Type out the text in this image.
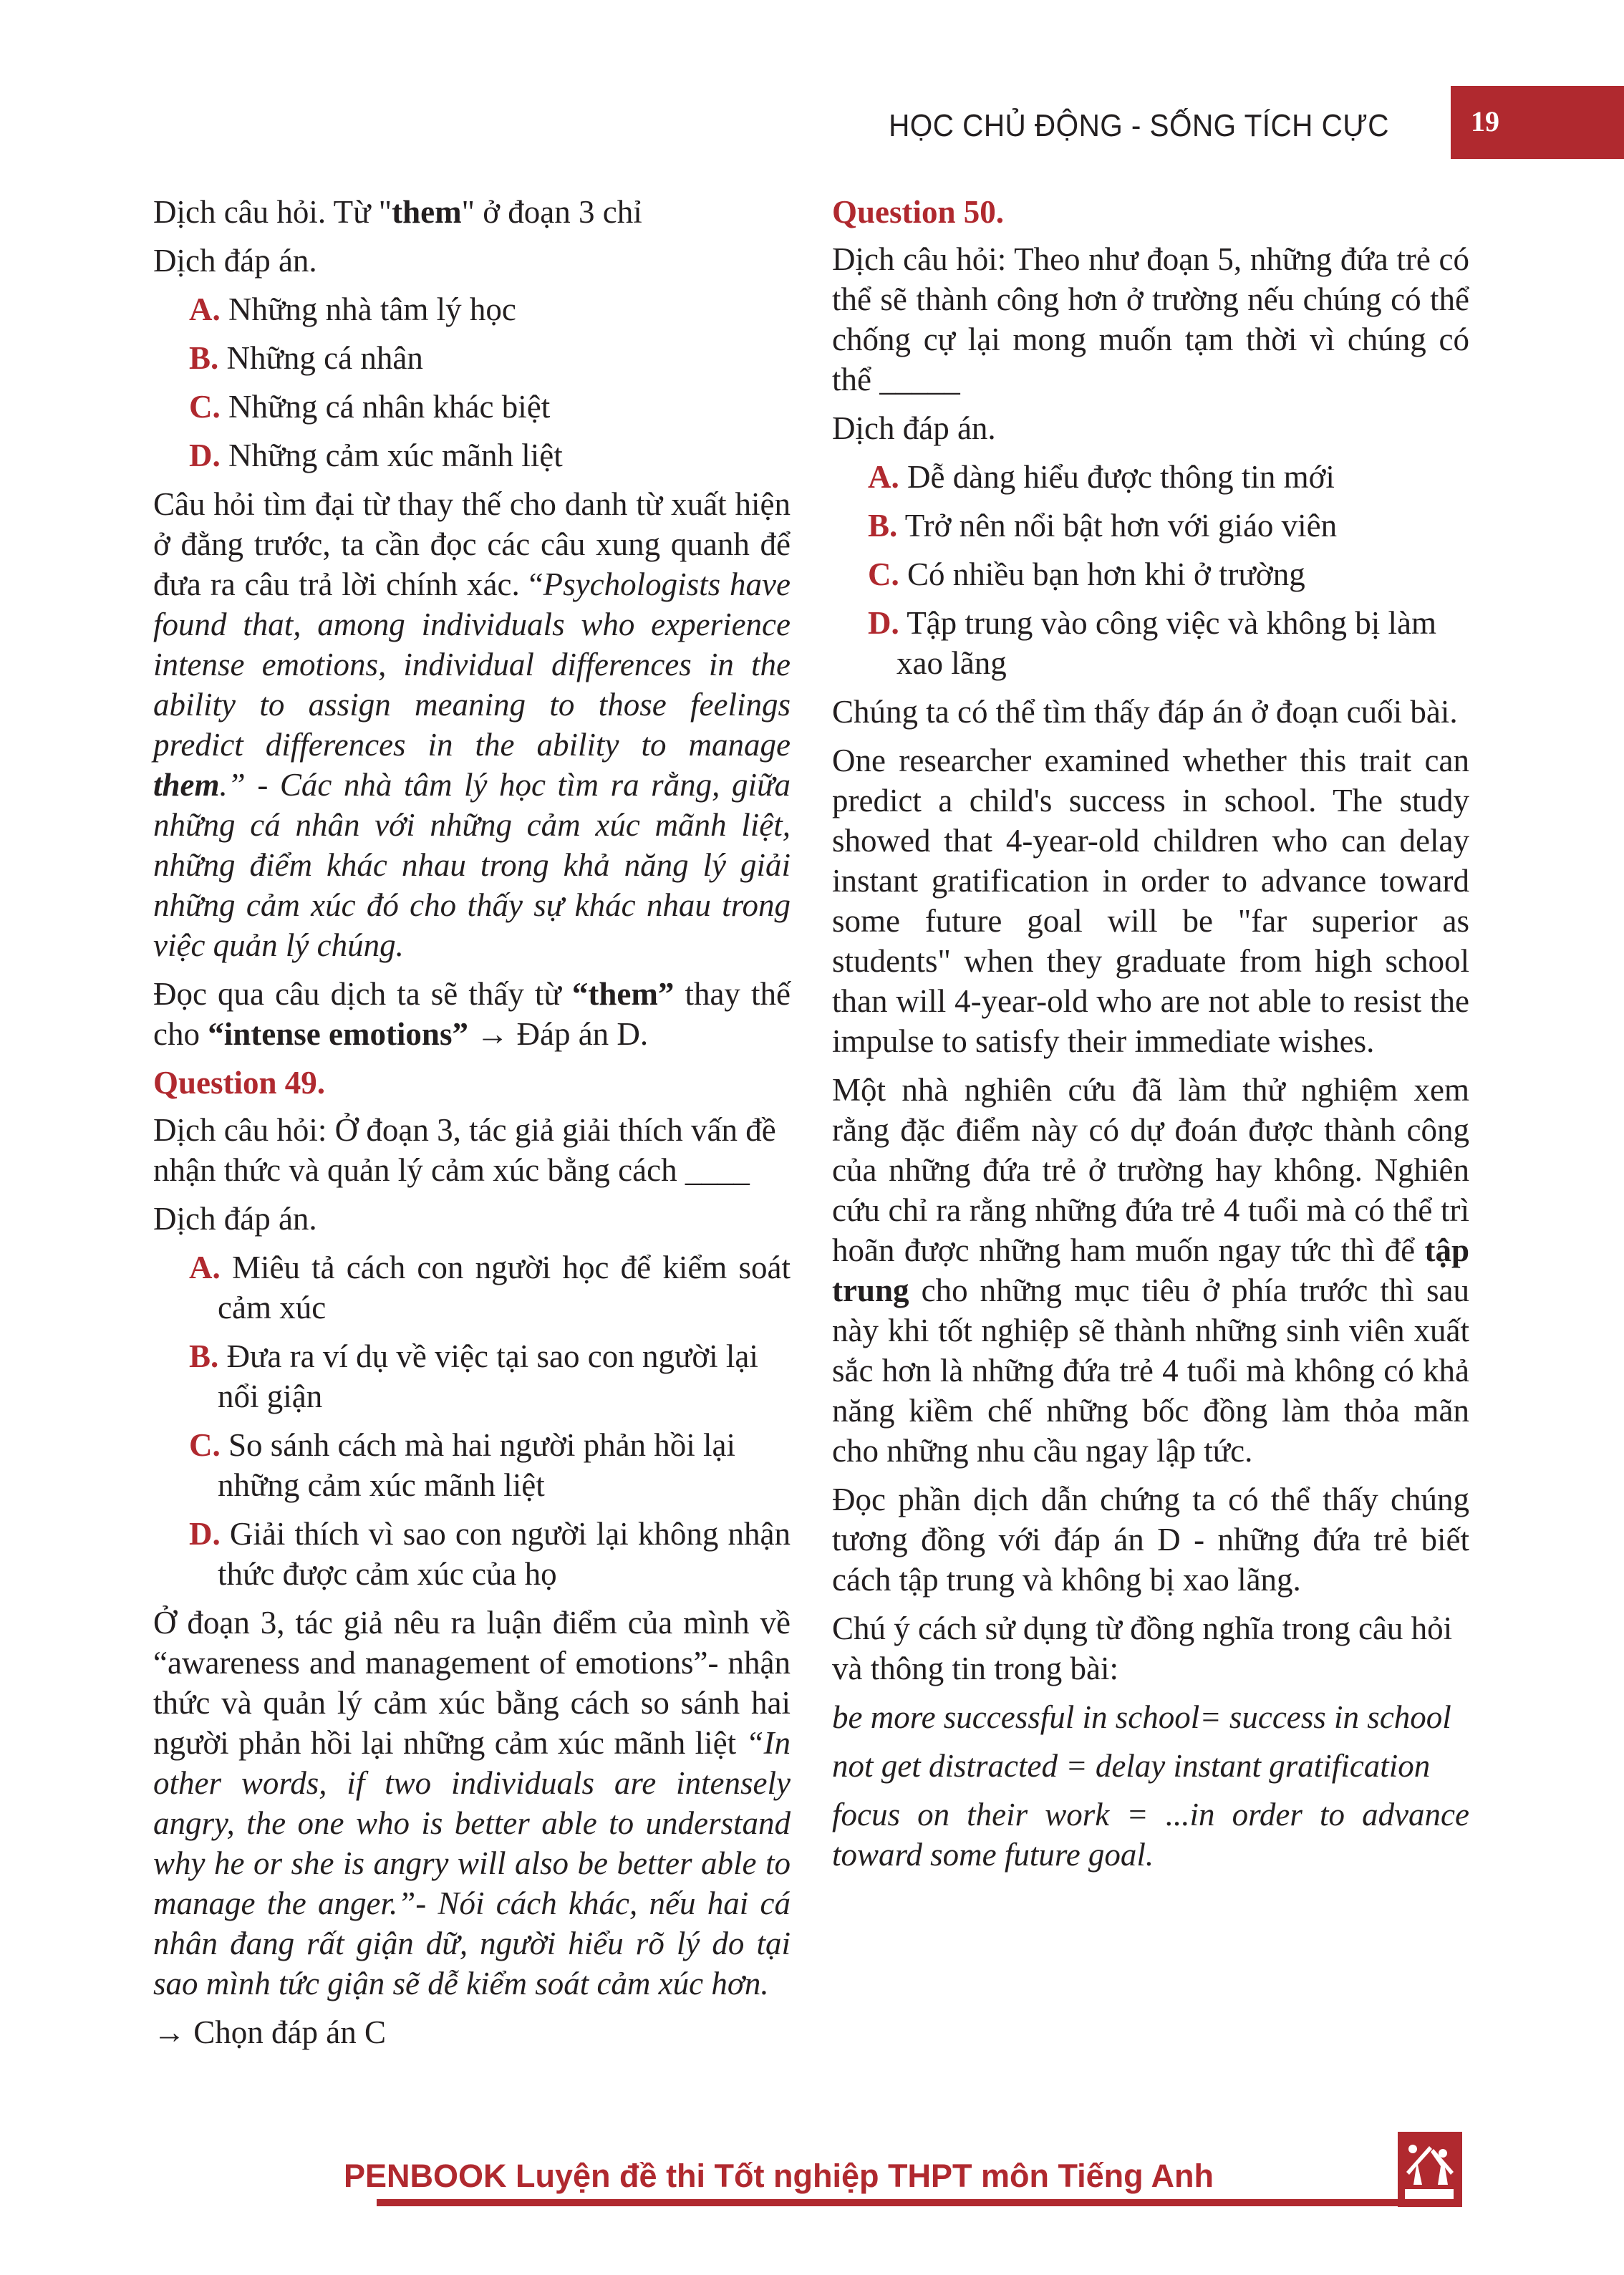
HỌC CHỦ ĐỘNG - SỐNG TÍCH CỰC	19

Dịch câu hỏi. Từ "them" ở đoạn 3 chỉ

Dịch đáp án.

A. Những nhà tâm lý học
B. Những cá nhân
C. Những cá nhân khác biệt
D. Những cảm xúc mãnh liệt

Câu hỏi tìm đại từ thay thế cho danh từ xuất hiện ở đằng trước, ta cần đọc các câu xung quanh để đưa ra câu trả lời chính xác. “Psychologists have found that, among individuals who experience intense emotions, individual differences in the ability to assign meaning to those feelings predict differences in the ability to manage them.” - Các nhà tâm lý học tìm ra rằng, giữa những cá nhân với những cảm xúc mãnh liệt, những điểm khác nhau trong khả năng lý giải những cảm xúc đó cho thấy sự khác nhau trong việc quản lý chúng.

Đọc qua câu dịch ta sẽ thấy từ “them” thay thế cho “intense emotions” → Đáp án D.

Question 49.

Dịch câu hỏi: Ở đoạn 3, tác giả giải thích vấn đề nhận thức và quản lý cảm xúc bằng cách ____

Dịch đáp án.

A. Miêu tả cách con người học để kiểm soát cảm xúc
B. Đưa ra ví dụ về việc tại sao con người lại nổi giận
C. So sánh cách mà hai người phản hồi lại những cảm xúc mãnh liệt
D. Giải thích vì sao con người lại không nhận thức được cảm xúc của họ

Ở đoạn 3, tác giả nêu ra luận điểm của mình về “awareness and management of emotions”- nhận thức và quản lý cảm xúc bằng cách so sánh hai người phản hồi lại những cảm xúc mãnh liệt “In other words, if two individuals are intensely angry, the one who is better able to understand why he or she is angry will also be better able to manage the anger.”- Nói cách khác, nếu hai cá nhân đang rất giận dữ, người hiểu rõ lý do tại sao mình tức giận sẽ dễ kiểm soát cảm xúc hơn.

→ Chọn đáp án C

Question 50.

Dịch câu hỏi: Theo như đoạn 5, những đứa trẻ có thể sẽ thành công hơn ở trường nếu chúng có thể chống cự lại mong muốn tạm thời vì chúng có thể _____

Dịch đáp án.

A. Dễ dàng hiểu được thông tin mới
B. Trở nên nổi bật hơn với giáo viên
C. Có nhiều bạn hơn khi ở trường
D. Tập trung vào công việc và không bị làm xao lãng

Chúng ta có thể tìm thấy đáp án ở đoạn cuối bài.

One researcher examined whether this trait can predict a child's success in school. The study showed that 4-year-old children who can delay instant gratification in order to advance toward some future goal will be "far superior as students" when they graduate from high school than will 4-year-old who are not able to resist the impulse to satisfy their immediate wishes.

Một nhà nghiên cứu đã làm thử nghiệm xem rằng đặc điểm này có dự đoán được thành công của những đứa trẻ ở trường hay không. Nghiên cứu chỉ ra rằng những đứa trẻ 4 tuổi mà có thể trì hoãn được những ham muốn ngay tức thì để tập trung cho những mục tiêu ở phía trước thì sau này khi tốt nghiệp sẽ thành những sinh viên xuất sắc hơn là những đứa trẻ 4 tuổi mà không có khả năng kiềm chế những bốc đồng làm thỏa mãn cho những nhu cầu ngay lập tức.

Đọc phần dịch dẫn chứng ta có thể thấy chúng tương đồng với đáp án D - những đứa trẻ biết cách tập trung và không bị xao lãng.

Chú ý cách sử dụng từ đồng nghĩa trong câu hỏi và thông tin trong bài:

be more successful in school= success in school

not get distracted = delay instant gratification

focus on their work = ...in order to advance toward some future goal.

PENBOOK Luyện đề thi Tốt nghiệp THPT môn Tiếng Anh
